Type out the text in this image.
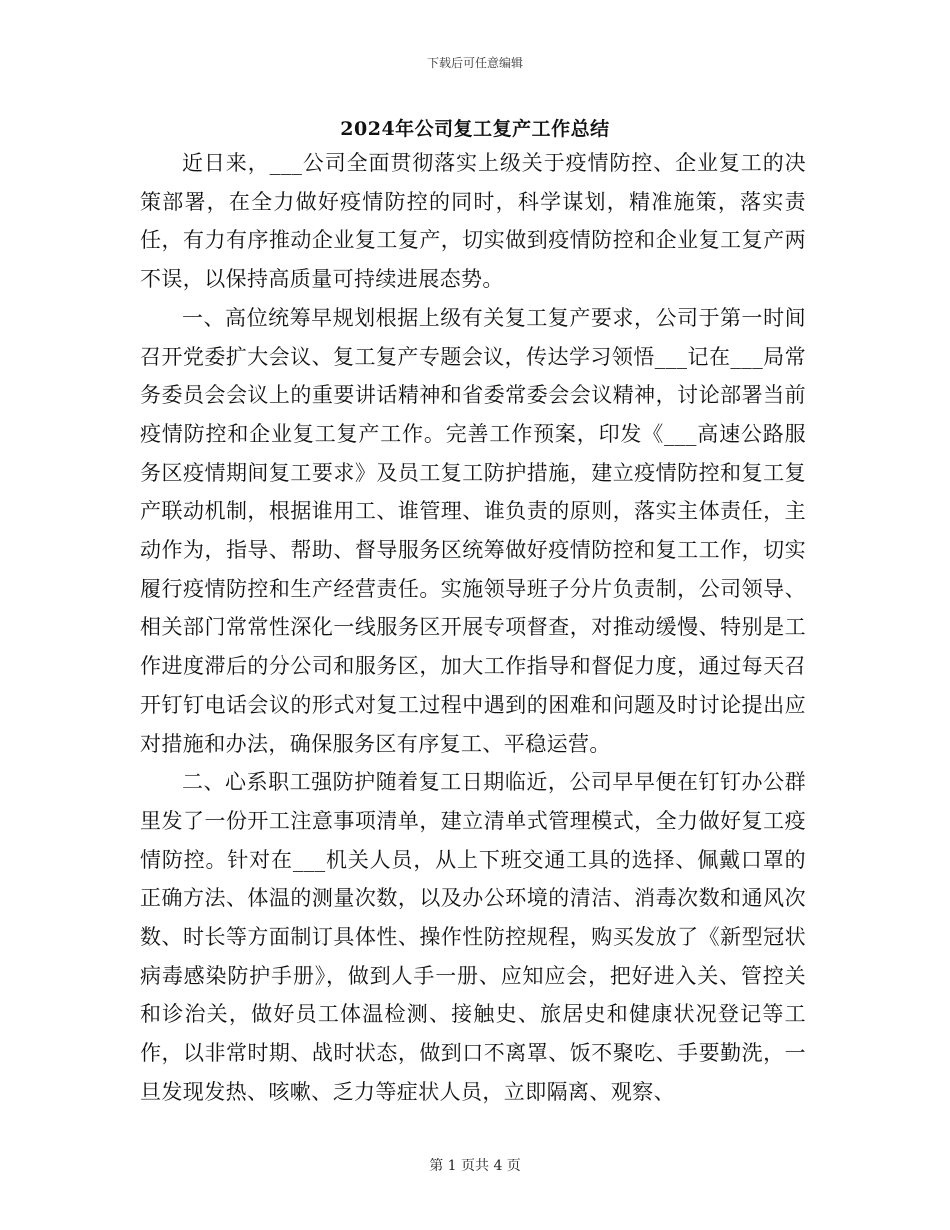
下载后可任意编辑
2024年公司复工复产工作总结

近日来，___公司全面贯彻落实上级关于疫情防控、企业复工的决策部署，在全力做好疫情防控的同时，科学谋划，精准施策，落实责任，有力有序推动企业复工复产，切实做到疫情防控和企业复工复产两不误，以保持高质量可持续进展态势。

一、高位统筹早规划根据上级有关复工复产要求，公司于第一时间召开党委扩大会议、复工复产专题会议，传达学习领悟___记在___局常务委员会会议上的重要讲话精神和省委常委会会议精神，讨论部署当前疫情防控和企业复工复产工作。完善工作预案，印发《___高速公路服务区疫情期间复工要求》及员工复工防护措施，建立疫情防控和复工复产联动机制，根据谁用工、谁管理、谁负责的原则，落实主体责任，主动作为，指导、帮助、督导服务区统筹做好疫情防控和复工工作，切实履行疫情防控和生产经营责任。实施领导班子分片负责制，公司领导、相关部门常常性深化一线服务区开展专项督查，对推动缓慢、特别是工作进度滞后的分公司和服务区，加大工作指导和督促力度，通过每天召开钉钉电话会议的形式对复工过程中遇到的困难和问题及时讨论提出应对措施和办法，确保服务区有序复工、平稳运营。

二、心系职工强防护随着复工日期临近，公司早早便在钉钉办公群里发了一份开工注意事项清单，建立清单式管理模式，全力做好复工疫情防控。针对在___机关人员，从上下班交通工具的选择、佩戴口罩的正确方法、体温的测量次数，以及办公环境的清洁、消毒次数和通风次数、时长等方面制订具体性、操作性防控规程，购买发放了《新型冠状病毒感染防护手册》，做到人手一册、应知应会，把好进入关、管控关和诊治关，做好员工体温检测、接触史、旅居史和健康状况登记等工作，以非常时期、战时状态，做到口不离罩、饭不聚吃、手要勤洗，一旦发现发热、咳嗽、乏力等症状人员，立即隔离、观察、

第 1 页共 4 页
